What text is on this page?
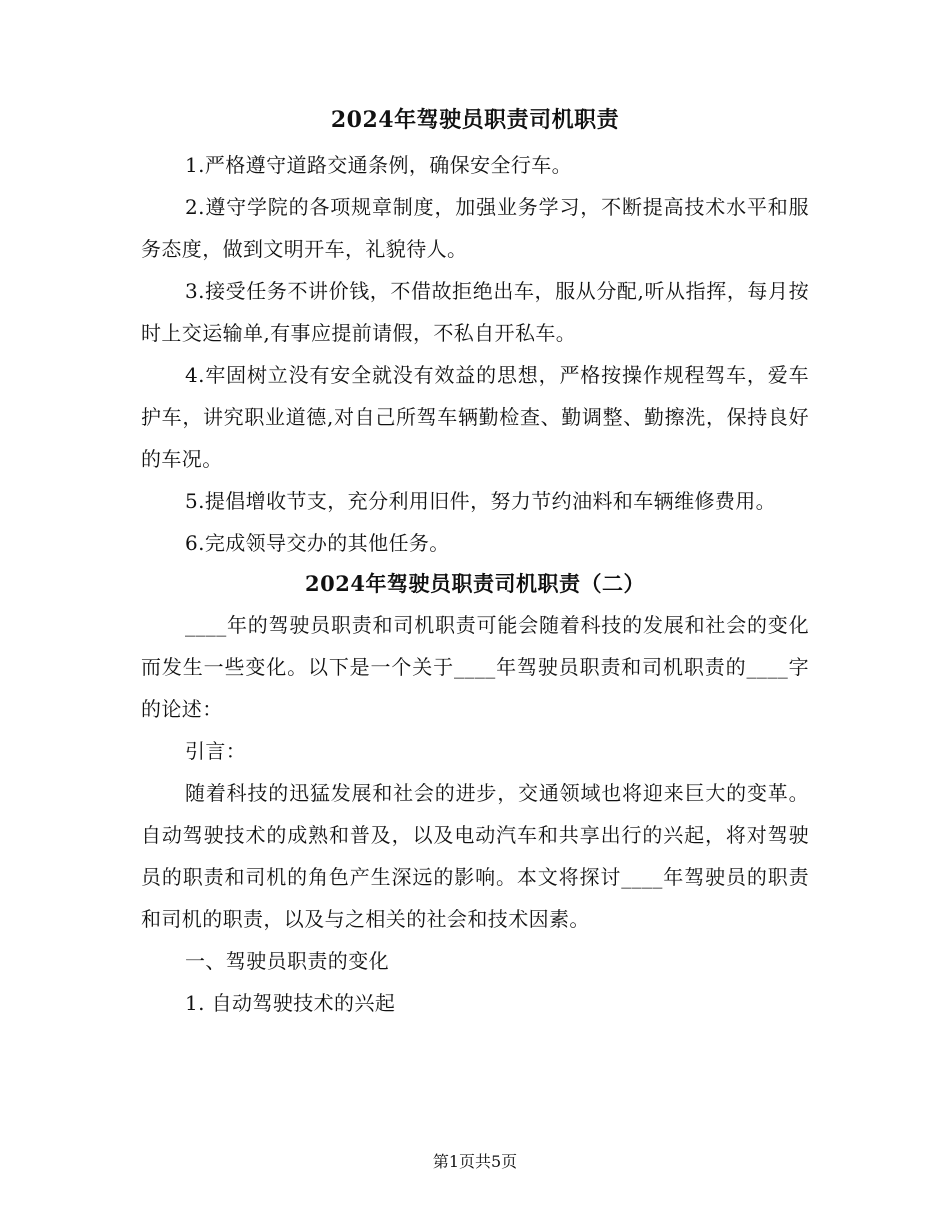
2024年驾驶员职责司机职责

1.严格遵守道路交通条例，确保安全行车。

2.遵守学院的各项规章制度，加强业务学习，不断提高技术水平和服务态度，做到文明开车，礼貌待人。

3.接受任务不讲价钱，不借故拒绝出车，服从分配,听从指挥，每月按时上交运输单,有事应提前请假，不私自开私车。

4.牢固树立没有安全就没有效益的思想，严格按操作规程驾车，爱车护车，讲究职业道德,对自己所驾车辆勤检查、勤调整、勤擦洗，保持良好的车况。

5.提倡增收节支，充分利用旧件，努力节约油料和车辆维修费用。

6.完成领导交办的其他任务。

2024年驾驶员职责司机职责（二）

____年的驾驶员职责和司机职责可能会随着科技的发展和社会的变化而发生一些变化。以下是一个关于____年驾驶员职责和司机职责的____字的论述：

引言：

随着科技的迅猛发展和社会的进步，交通领域也将迎来巨大的变革。自动驾驶技术的成熟和普及，以及电动汽车和共享出行的兴起，将对驾驶员的职责和司机的角色产生深远的影响。本文将探讨____年驾驶员的职责和司机的职责，以及与之相关的社会和技术因素。

一、驾驶员职责的变化

1. 自动驾驶技术的兴起

第1页共5页
